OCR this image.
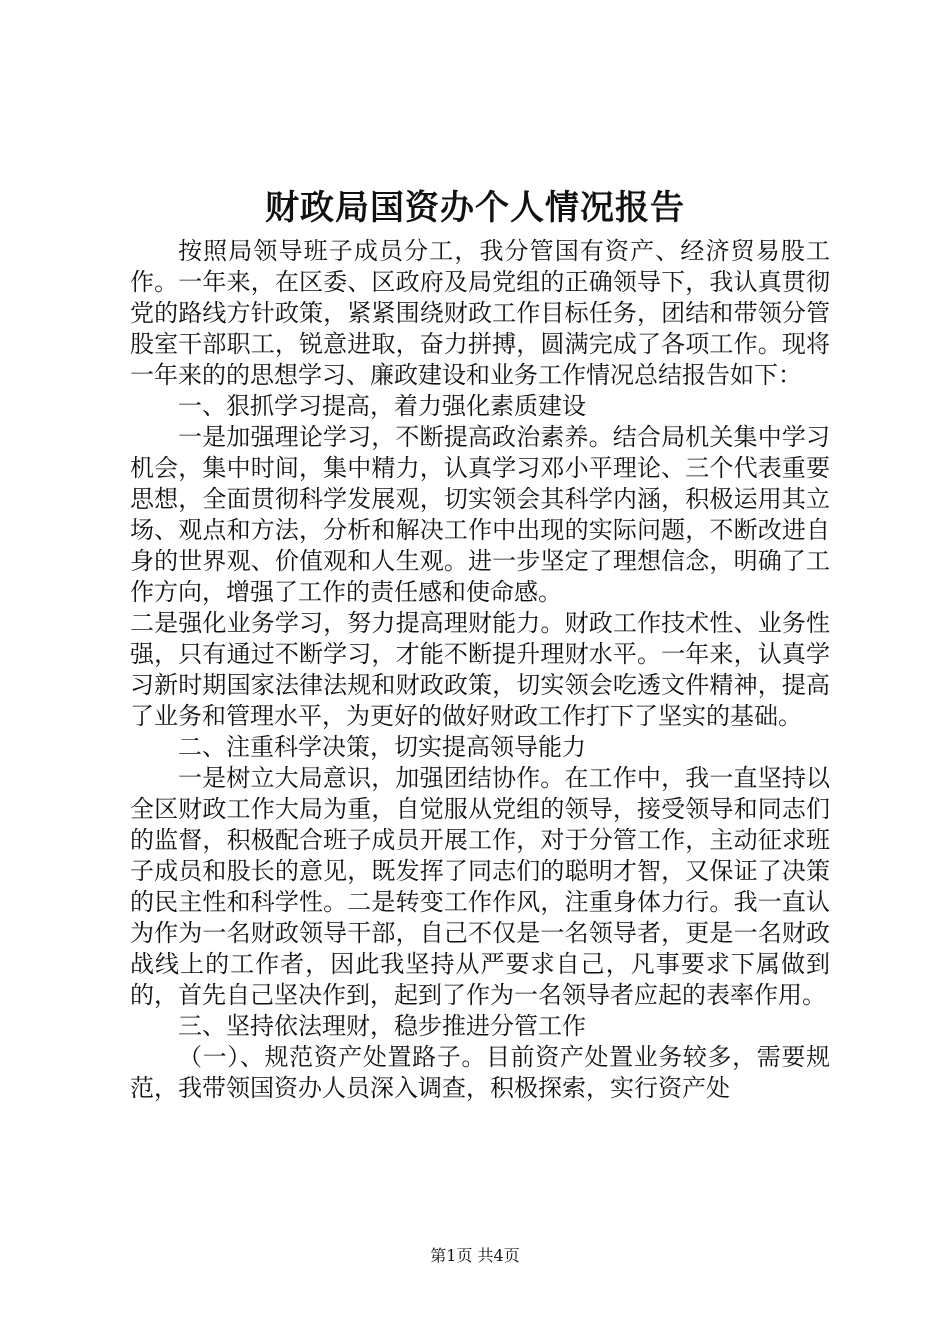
财政局国资办个人情况报告

按照局领导班子成员分工，我分管国有资产、经济贸易股工作。一年来，在区委、区政府及局党组的正确领导下，我认真贯彻党的路线方针政策，紧紧围绕财政工作目标任务，团结和带领分管股室干部职工，锐意进取，奋力拼搏，圆满完成了各项工作。现将一年来的的思想学习、廉政建设和业务工作情况总结报告如下：

一、狠抓学习提高，着力强化素质建设

一是加强理论学习，不断提高政治素养。结合局机关集中学习机会，集中时间，集中精力，认真学习邓小平理论、三个代表重要思想，全面贯彻科学发展观，切实领会其科学内涵，积极运用其立场、观点和方法，分析和解决工作中出现的实际问题，不断改进自身的世界观、价值观和人生观。进一步坚定了理想信念，明确了工作方向，增强了工作的责任感和使命感。

二是强化业务学习，努力提高理财能力。财政工作技术性、业务性强，只有通过不断学习，才能不断提升理财水平。一年来，认真学习新时期国家法律法规和财政政策，切实领会吃透文件精神，提高了业务和管理水平，为更好的做好财政工作打下了坚实的基础。

二、注重科学决策，切实提高领导能力

一是树立大局意识，加强团结协作。在工作中，我一直坚持以全区财政工作大局为重，自觉服从党组的领导，接受领导和同志们的监督，积极配合班子成员开展工作，对于分管工作，主动征求班子成员和股长的意见，既发挥了同志们的聪明才智，又保证了决策的民主性和科学性。二是转变工作作风，注重身体力行。我一直认为作为一名财政领导干部，自己不仅是一名领导者，更是一名财政战线上的工作者，因此我坚持从严要求自己，凡事要求下属做到的，首先自己坚决作到，起到了作为一名领导者应起的表率作用。

三、坚持依法理财，稳步推进分管工作

（一）、规范资产处置路子。目前资产处置业务较多，需要规范，我带领国资办人员深入调查，积极探索，实行资产处

第1页 共4页
